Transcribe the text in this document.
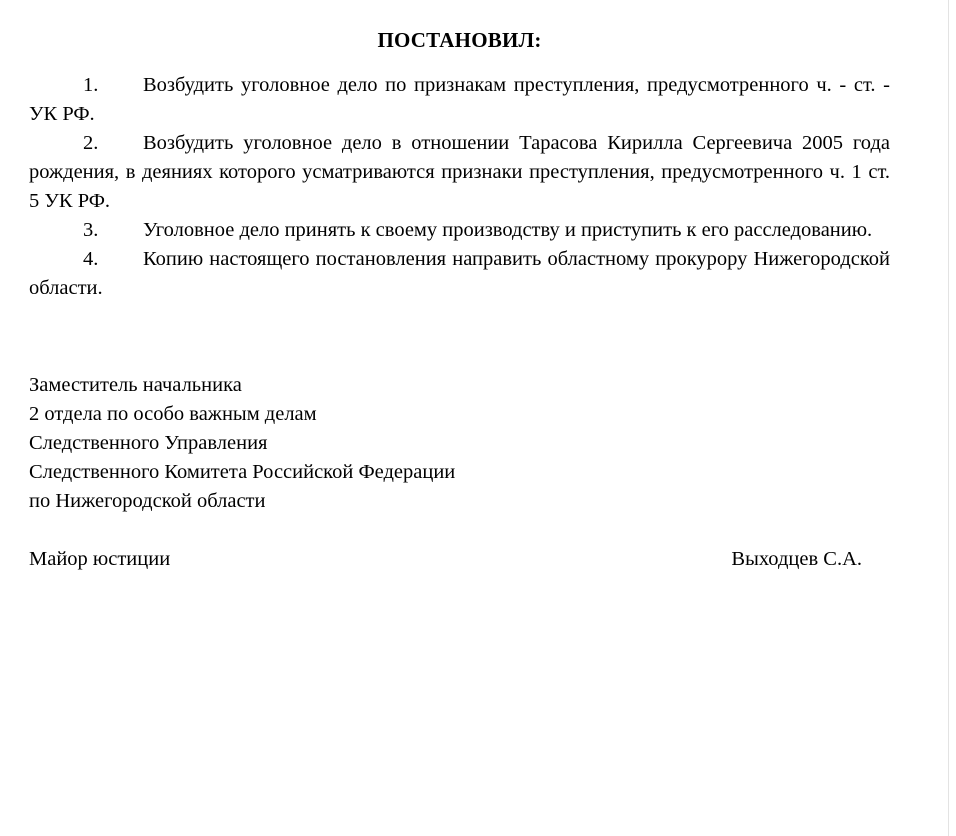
ПОСТАНОВИЛ:

1. Возбудить уголовное дело по признакам преступления, предусмотренного ч. - ст. - УК РФ.

2. Возбудить уголовное дело в отношении Тарасова Кирилла Сергеевича 2005 года рождения, в деяниях которого усматриваются признаки преступления, предусмотренного ч. 1 ст. 5 УК РФ.

3. Уголовное дело принять к своему производству и приступить к его расследованию.

4. Копию настоящего постановления направить областному прокурору Нижегородской области.

Заместитель начальника

2 отдела по особо важным делам

Следственного Управления

Следственного Комитета Российской Федерации

по Нижегородской области

Майор юстиции	Выходцев С.А.
